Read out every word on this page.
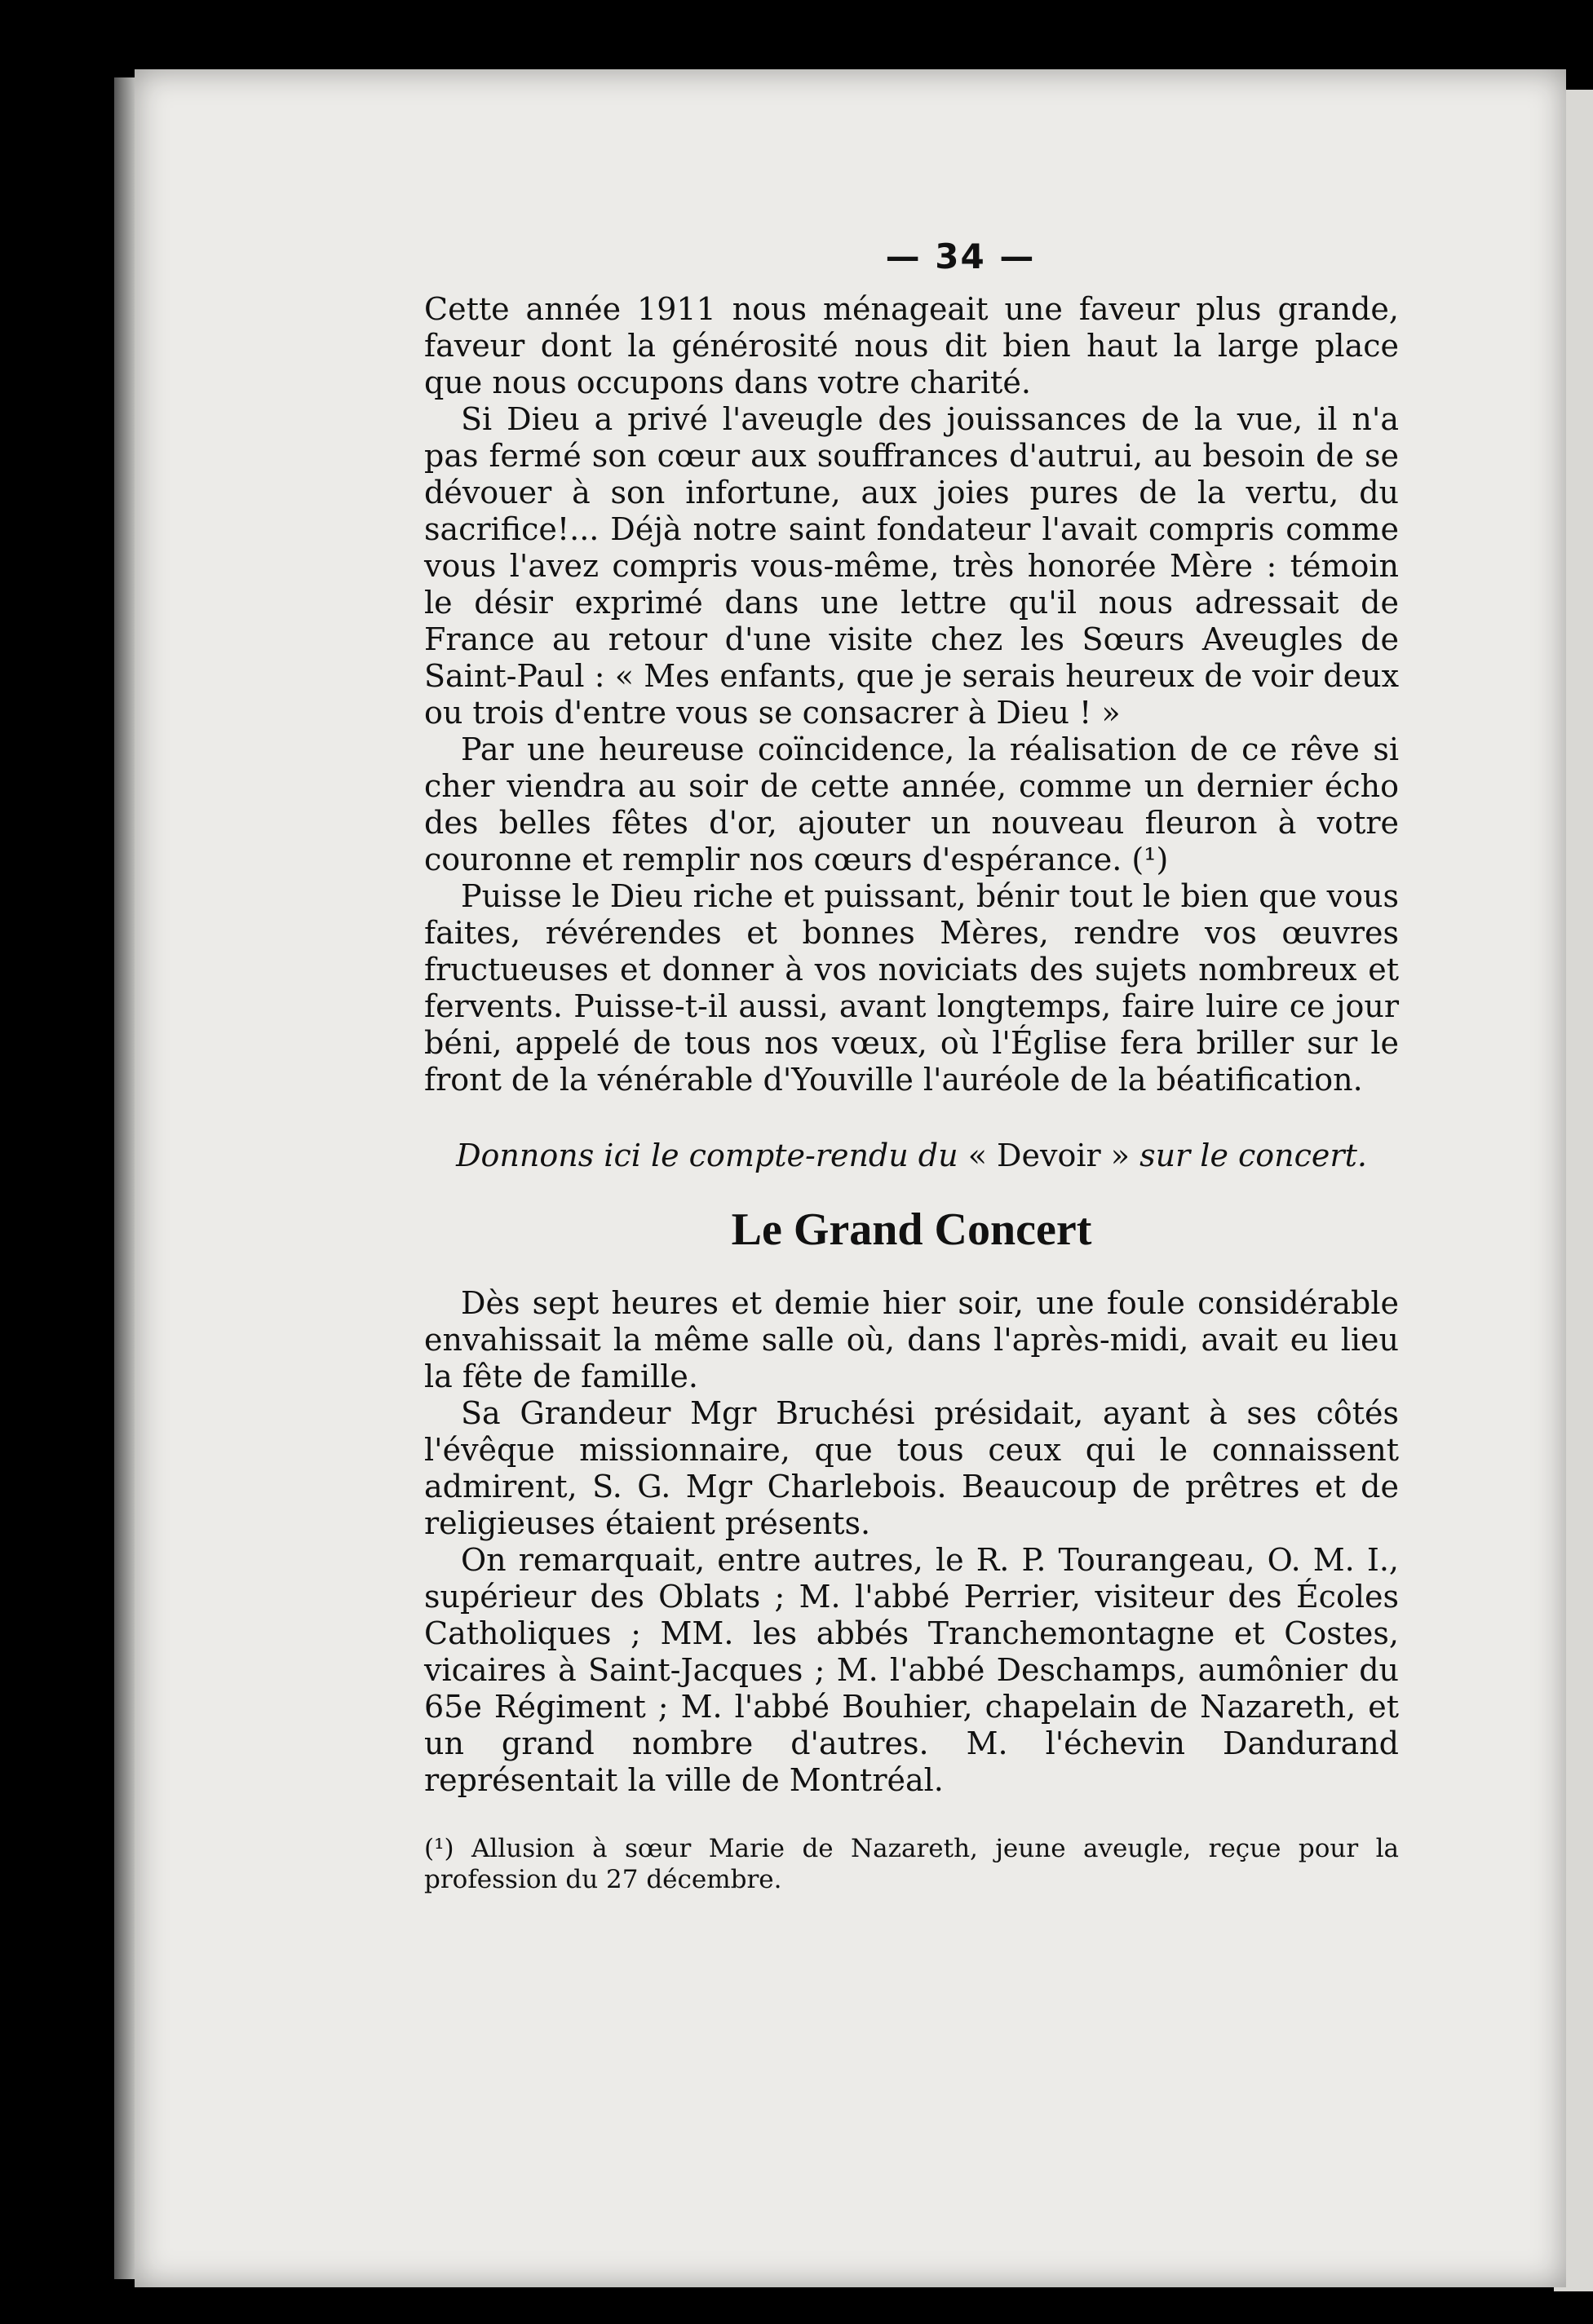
— 34 —

Cette année 1911 nous ménageait une faveur plus grande, faveur dont la générosité nous dit bien haut la large place que nous occupons dans votre charité.

Si Dieu a privé l'aveugle des jouissances de la vue, il n'a pas fermé son cœur aux souffrances d'autrui, au besoin de se dévouer à son infortune, aux joies pures de la vertu, du sacrifice!... Déjà notre saint fondateur l'avait compris comme vous l'avez compris vous-même, très honorée Mère : témoin le désir exprimé dans une lettre qu'il nous adressait de France au retour d'une visite chez les Sœurs Aveugles de Saint-Paul : « Mes enfants, que je serais heureux de voir deux ou trois d'entre vous se consacrer à Dieu ! »

Par une heureuse coïncidence, la réalisation de ce rêve si cher viendra au soir de cette année, comme un dernier écho des belles fêtes d'or, ajouter un nouveau fleuron à votre couronne et remplir nos cœurs d'espérance. (¹)

Puisse le Dieu riche et puissant, bénir tout le bien que vous faites, révérendes et bonnes Mères, rendre vos œuvres fructueuses et donner à vos noviciats des sujets nombreux et fervents. Puisse-t-il aussi, avant longtemps, faire luire ce jour béni, appelé de tous nos vœux, où l'Église fera briller sur le front de la vénérable d'Youville l'auréole de la béatification.

Donnons ici le compte-rendu du « Devoir » sur le concert.
Le Grand Concert

Dès sept heures et demie hier soir, une foule considérable envahissait la même salle où, dans l'après-midi, avait eu lieu la fête de famille.

Sa Grandeur Mgr Bruchési présidait, ayant à ses côtés l'évêque missionnaire, que tous ceux qui le connaissent admirent, S. G. Mgr Charlebois. Beaucoup de prêtres et de religieuses étaient présents.

On remarquait, entre autres, le R. P. Tourangeau, O. M. I., supérieur des Oblats ; M. l'abbé Perrier, visiteur des Écoles Catholiques ; MM. les abbés Tranchemontagne et Costes, vicaires à Saint-Jacques ; M. l'abbé Deschamps, aumônier du 65e Régiment ; M. l'abbé Bouhier, chapelain de Nazareth, et un grand nombre d'autres. M. l'échevin Dandurand représentait la ville de Montréal.

(¹) Allusion à sœur Marie de Nazareth, jeune aveugle, reçue pour la profession du 27 décembre.
